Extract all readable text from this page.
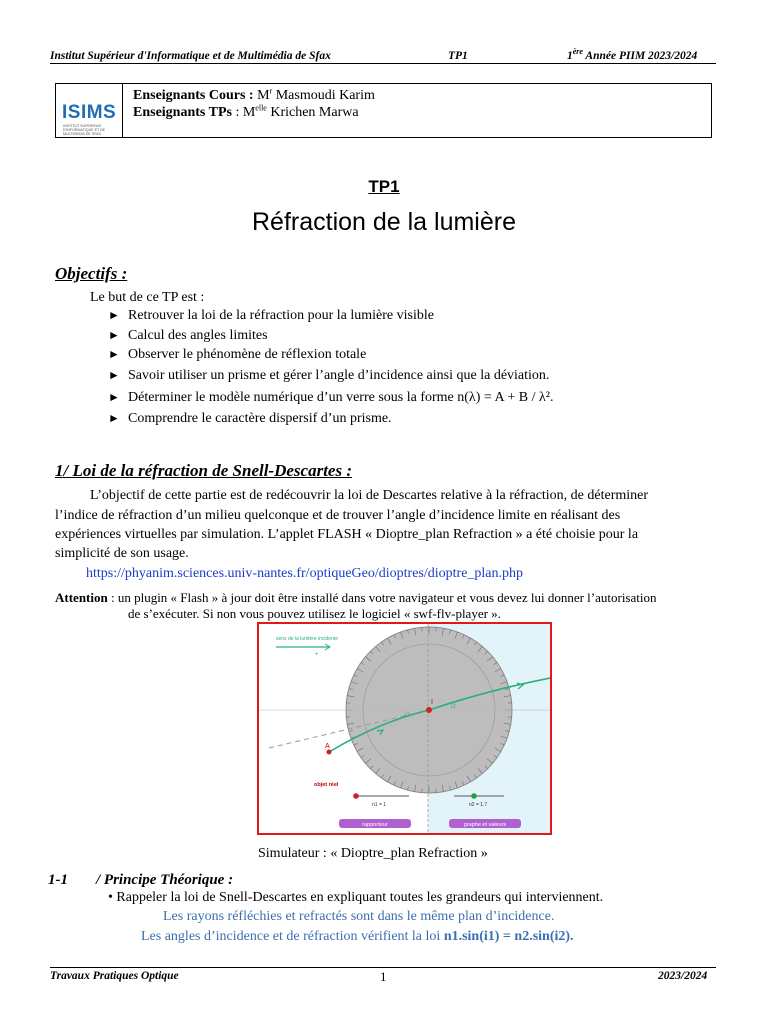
Institut Supérieur d'Informatique et de Multimédia de Sfax	TP1	1ère Année PIIM 2023/2024
ISIMS
INSTITUT SUPERIEUR D'INFORMATIQUE ET DE MULTIMEDIA DE SFAX
Enseignants Cours : $M^r$ Masmoudi Karim
Enseignants TPs : $M^{elle}$ Krichen Marwa
TP1
Réfraction de la lumière
Objectifs :
Le but de ce TP est :
► Retrouver la loi de la réfraction pour la lumière visible
► Calcul des angles limites
► Observer le phénomène de réflexion totale
► Savoir utiliser un prisme et gérer l’angle d’incidence ainsi que la déviation.
► Déterminer le modèle numérique d’un verre sous la forme n(λ) = A + B / λ².
► Comprendre le caractère dispersif d’un prisme.
1/ Loi de la réfraction de Snell-Descartes :
L’objectif de cette partie est de redécouvrir la loi de Descartes relative à la réfraction, de déterminer
l’indice de réfraction d’un milieu quelconque et de trouver l’angle d’incidence limite en réalisant des
expériences virtuelles par simulation. L’applet FLASH « Dioptre_plan Refraction » a été choisie pour la
simplicité de son usage.
https://phyanim.sciences.univ-nantes.fr/optiqueGeo/dioptres/dioptre_plan.php
Attention : un plugin « Flash » à jour doit être installé dans votre navigateur et vous devez lui donner l’autorisation
de s’exécuter. Si non vous pouvez utilisez le logiciel « swf-flv-player ».
I
A
i1
i2
sens de la lumière incidente
+
objet réel
n1 = 1	n2 = 1.7
rapporteur	graphe et valeurs
Simulateur : « Dioptre_plan Refraction »
1-1 / Principe Théorique :
• Rappeler la loi de Snell-Descartes en expliquant toutes les grandeurs qui interviennent.
Les rayons réfléchies et refractés sont dans le même plan d’incidence.
Les angles d’incidence et de réfraction vérifient la loi n1.sin(i1) = n2.sin(i2).
Travaux Pratiques Optique	1	2023/2024
